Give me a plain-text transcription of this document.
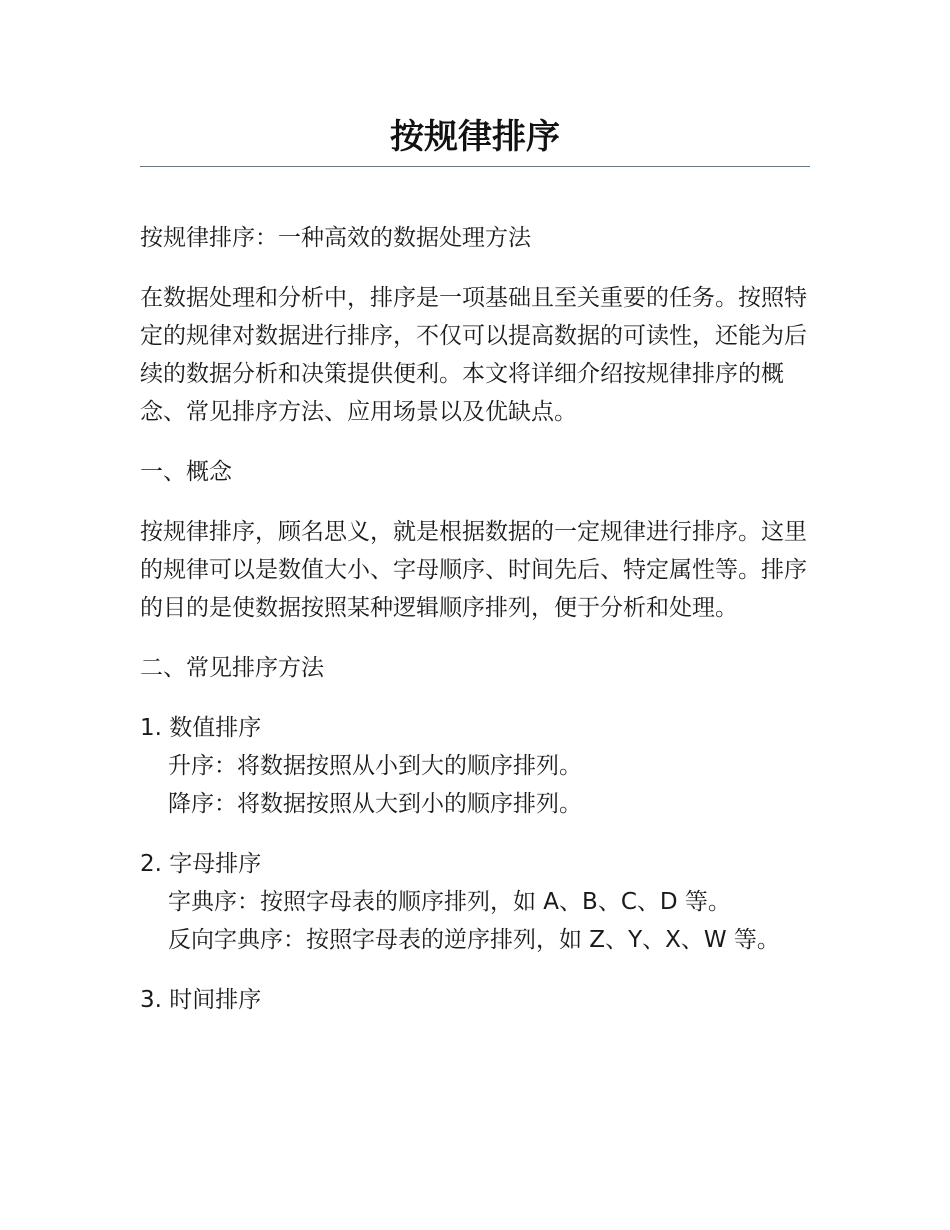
按规律排序

按规律排序：一种高效的数据处理方法

在数据处理和分析中，排序是一项基础且至关重要的任务。按照特定的规律对数据进行排序，不仅可以提高数据的可读性，还能为后续的数据分析和决策提供便利。本文将详细介绍按规律排序的概念、常见排序方法、应用场景以及优缺点。

一、概念

按规律排序，顾名思义，就是根据数据的一定规律进行排序。这里的规律可以是数值大小、字母顺序、时间先后、特定属性等。排序的目的是使数据按照某种逻辑顺序排列，便于分析和处理。

二、常见排序方法

1. 数值排序

升序：将数据按照从小到大的顺序排列。

降序：将数据按照从大到小的顺序排列。

2. 字母排序

字典序：按照字母表的顺序排列，如 A、B、C、D 等。

反向字典序：按照字母表的逆序排列，如 Z、Y、X、W 等。

3. 时间排序
